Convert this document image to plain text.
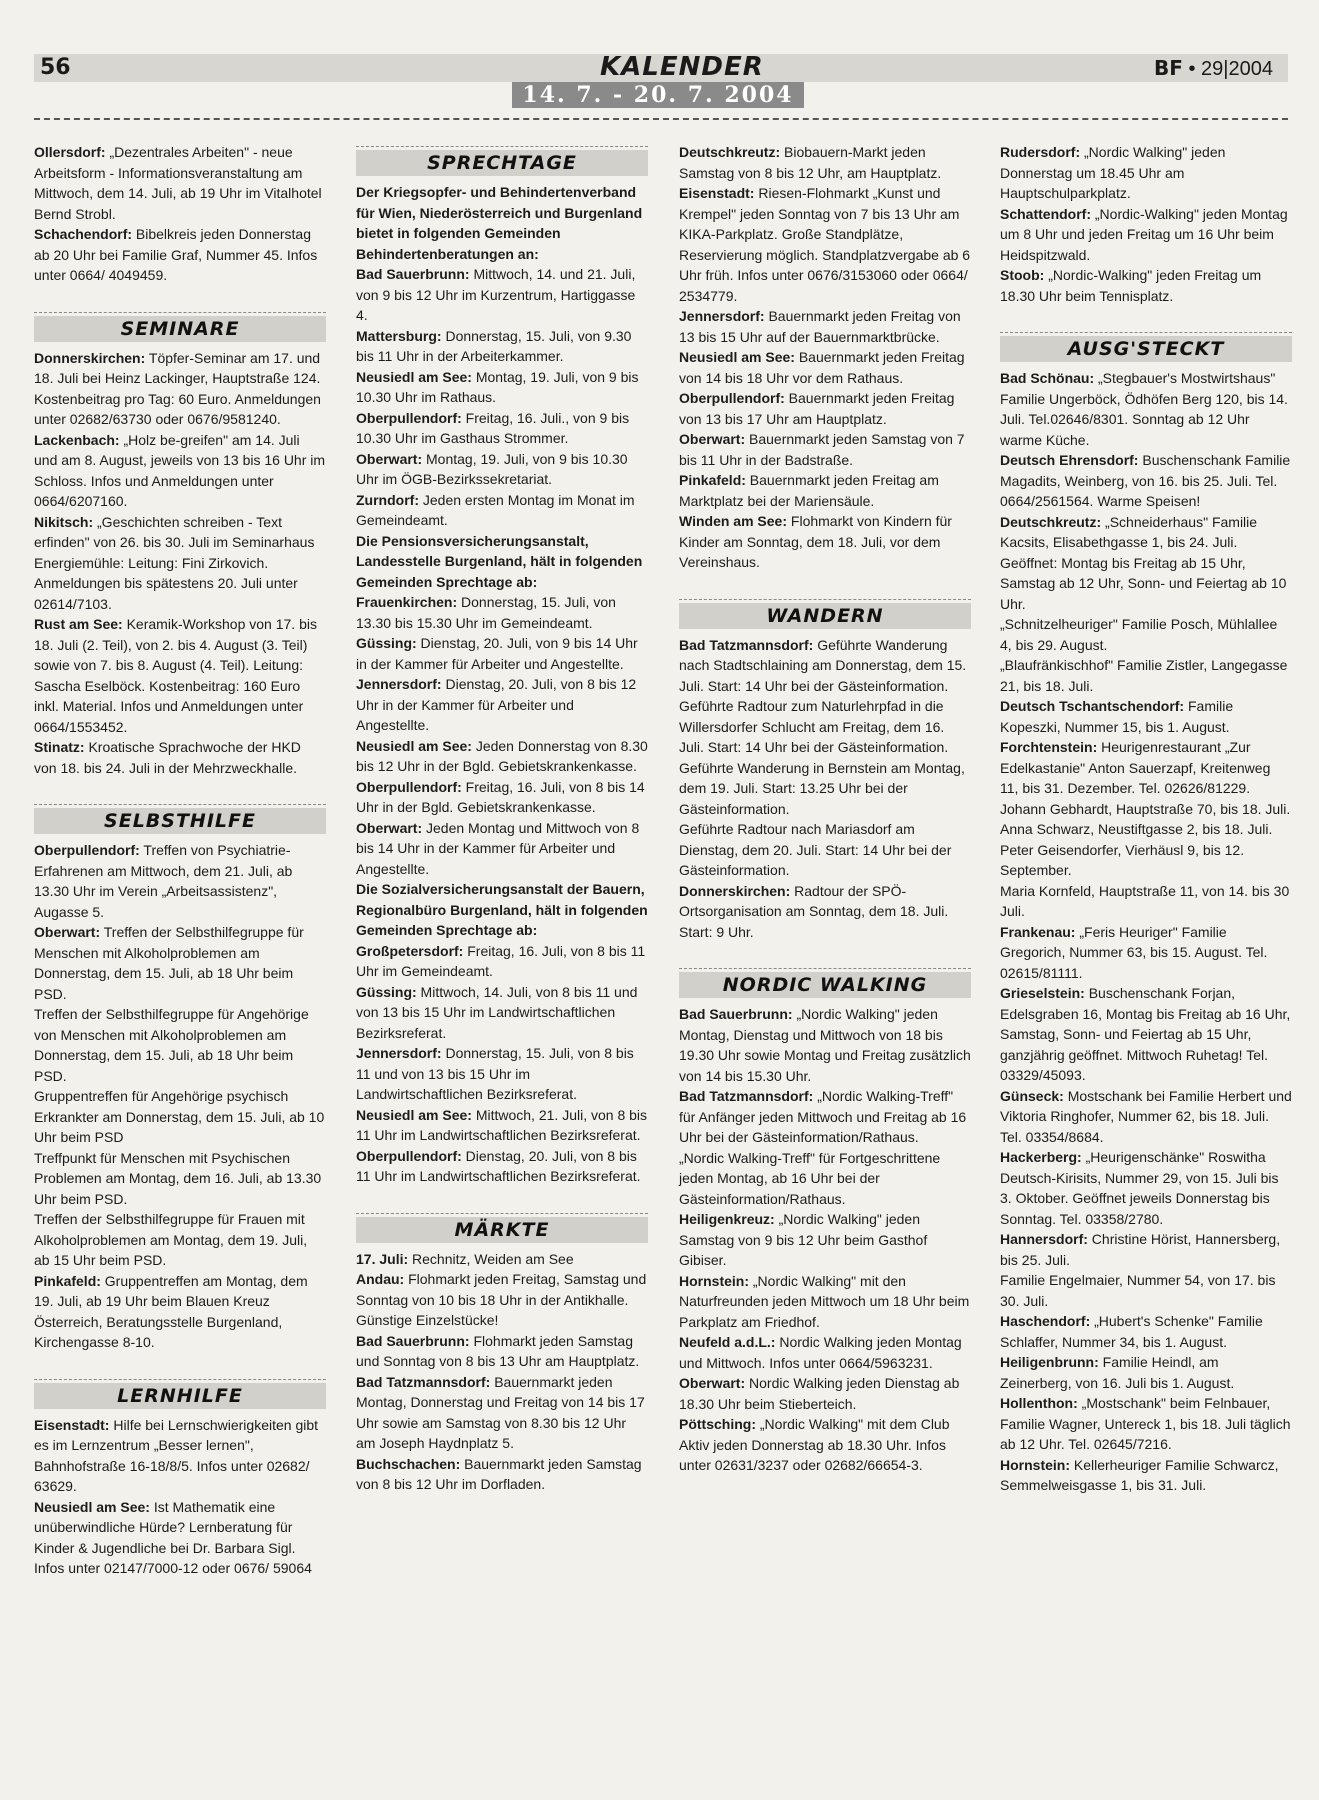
56	KALENDER	BF • 29|2004
14. 7. - 20. 7. 2004

Ollersdorf: „Dezentrales Arbeiten" - neue Arbeitsform - Informationsveranstaltung am Mittwoch, dem 14. Juli, ab 19 Uhr im Vitalhotel Bernd Strobl.

Schachendorf: Bibelkreis jeden Donnerstag ab 20 Uhr bei Familie Graf, Nummer 45. Infos unter 0664/ 4049459.

SEMINARE

Donnerskirchen: Töpfer-Seminar am 17. und 18. Juli bei Heinz Lackinger, Hauptstraße 124. Kostenbeitrag pro Tag: 60 Euro. Anmeldungen unter 02682/63730 oder 0676/9581240.

Lackenbach: „Holz be-greifen" am 14. Juli und am 8. August, jeweils von 13 bis 16 Uhr im Schloss. Infos und Anmeldungen unter 0664/6207160.

Nikitsch: „Geschichten schreiben - Text erfinden" von 26. bis 30. Juli im Seminarhaus Energiemühle: Leitung: Fini Zirkovich. Anmeldungen bis spätestens 20. Juli unter 02614/7103.

Rust am See: Keramik-Workshop von 17. bis 18. Juli (2. Teil), von 2. bis 4. August (3. Teil) sowie von 7. bis 8. August (4. Teil). Leitung: Sascha Eselböck. Kostenbeitrag: 160 Euro inkl. Material. Infos und Anmeldungen unter 0664/1553452.

Stinatz: Kroatische Sprachwoche der HKD von 18. bis 24. Juli in der Mehrzweckhalle.

SELBSTHILFE

Oberpullendorf: Treffen von Psychiatrie-Erfahrenen am Mittwoch, dem 21. Juli, ab 13.30 Uhr im Verein „Arbeitsassistenz", Augasse 5.

Oberwart: Treffen der Selbsthilfegruppe für Menschen mit Alkoholproblemen am Donnerstag, dem 15. Juli, ab 18 Uhr beim PSD.

Treffen der Selbsthilfegruppe für Angehörige von Menschen mit Alkoholproblemen am Donnerstag, dem 15. Juli, ab 18 Uhr beim PSD.

Gruppentreffen für Angehörige psychisch Erkrankter am Donnerstag, dem 15. Juli, ab 10 Uhr beim PSD

Treffpunkt für Menschen mit Psychischen Problemen am Montag, dem 16. Juli, ab 13.30 Uhr beim PSD.

Treffen der Selbsthilfegruppe für Frauen mit Alkoholproblemen am Montag, dem 19. Juli, ab 15 Uhr beim PSD.

Pinkafeld: Gruppentreffen am Montag, dem 19. Juli, ab 19 Uhr beim Blauen Kreuz Österreich, Beratungsstelle Burgenland, Kirchengasse 8-10.

LERNHILFE

Eisenstadt: Hilfe bei Lernschwierigkeiten gibt es im Lernzentrum „Besser lernen", Bahnhofstraße 16-18/8/5. Infos unter 02682/ 63629.

Neusiedl am See: Ist Mathematik eine unüberwindliche Hürde? Lernberatung für Kinder & Jugendliche bei Dr. Barbara Sigl. Infos unter 02147/7000-12 oder 0676/ 59064

SPRECHTAGE

Der Kriegsopfer- und Behindertenverband für Wien, Niederösterreich und Burgenland bietet in folgenden Gemeinden Behindertenberatungen an:

Bad Sauerbrunn: Mittwoch, 14. und 21. Juli, von 9 bis 12 Uhr im Kurzentrum, Hartiggasse 4.

Mattersburg: Donnerstag, 15. Juli, von 9.30 bis 11 Uhr in der Arbeiterkammer.

Neusiedl am See: Montag, 19. Juli, von 9 bis 10.30 Uhr im Rathaus.

Oberpullendorf: Freitag, 16. Juli., von 9 bis 10.30 Uhr im Gasthaus Strommer.

Oberwart: Montag, 19. Juli, von 9 bis 10.30 Uhr im ÖGB-Bezirkssekretariat.

Zurndorf: Jeden ersten Montag im Monat im Gemeindeamt.

Die Pensionsversicherungsanstalt, Landesstelle Burgenland, hält in folgenden Gemeinden Sprechtage ab:

Frauenkirchen: Donnerstag, 15. Juli, von 13.30 bis 15.30 Uhr im Gemeindeamt.

Güssing: Dienstag, 20. Juli, von 9 bis 14 Uhr in der Kammer für Arbeiter und Angestellte.

Jennersdorf: Dienstag, 20. Juli, von 8 bis 12 Uhr in der Kammer für Arbeiter und Angestellte.

Neusiedl am See: Jeden Donnerstag von 8.30 bis 12 Uhr in der Bgld. Gebietskrankenkasse.

Oberpullendorf: Freitag, 16. Juli, von 8 bis 14 Uhr in der Bgld. Gebietskrankenkasse.

Oberwart: Jeden Montag und Mittwoch von 8 bis 14 Uhr in der Kammer für Arbeiter und Angestellte.

Die Sozialversicherungsanstalt der Bauern, Regionalbüro Burgenland, hält in folgenden Gemeinden Sprechtage ab:

Großpetersdorf: Freitag, 16. Juli, von 8 bis 11 Uhr im Gemeindeamt.

Güssing: Mittwoch, 14. Juli, von 8 bis 11 und von 13 bis 15 Uhr im Landwirtschaftlichen Bezirksreferat.

Jennersdorf: Donnerstag, 15. Juli, von 8 bis 11 und von 13 bis 15 Uhr im Landwirtschaftlichen Bezirksreferat.

Neusiedl am See: Mittwoch, 21. Juli, von 8 bis 11 Uhr im Landwirtschaftlichen Bezirksreferat.

Oberpullendorf: Dienstag, 20. Juli, von 8 bis 11 Uhr im Landwirtschaftlichen Bezirksreferat.

MÄRKTE

17. Juli: Rechnitz, Weiden am See

Andau: Flohmarkt jeden Freitag, Samstag und Sonntag von 10 bis 18 Uhr in der Antikhalle. Günstige Einzelstücke!

Bad Sauerbrunn: Flohmarkt jeden Samstag und Sonntag von 8 bis 13 Uhr am Hauptplatz.

Bad Tatzmannsdorf: Bauernmarkt jeden Montag, Donnerstag und Freitag von 14 bis 17 Uhr sowie am Samstag von 8.30 bis 12 Uhr am Joseph Haydnplatz 5.

Buchschachen: Bauernmarkt jeden Samstag von 8 bis 12 Uhr im Dorfladen.

Deutschkreutz: Biobauern-Markt jeden Samstag von 8 bis 12 Uhr, am Hauptplatz.

Eisenstadt: Riesen-Flohmarkt „Kunst und Krempel" jeden Sonntag von 7 bis 13 Uhr am KIKA-Parkplatz. Große Standplätze, Reservierung möglich. Standplatzvergabe ab 6 Uhr früh. Infos unter 0676/3153060 oder 0664/ 2534779.

Jennersdorf: Bauernmarkt jeden Freitag von 13 bis 15 Uhr auf der Bauernmarktbrücke.

Neusiedl am See: Bauernmarkt jeden Freitag von 14 bis 18 Uhr vor dem Rathaus.

Oberpullendorf: Bauernmarkt jeden Freitag von 13 bis 17 Uhr am Hauptplatz.

Oberwart: Bauernmarkt jeden Samstag von 7 bis 11 Uhr in der Badstraße.

Pinkafeld: Bauernmarkt jeden Freitag am Marktplatz bei der Mariensäule.

Winden am See: Flohmarkt von Kindern für Kinder am Sonntag, dem 18. Juli, vor dem Vereinshaus.

WANDERN

Bad Tatzmannsdorf: Geführte Wanderung nach Stadtschlaining am Donnerstag, dem 15. Juli. Start: 14 Uhr bei der Gästeinformation.

Geführte Radtour zum Naturlehrpfad in die Willersdorfer Schlucht am Freitag, dem 16. Juli. Start: 14 Uhr bei der Gästeinformation.

Geführte Wanderung in Bernstein am Montag, dem 19. Juli. Start: 13.25 Uhr bei der Gästeinformation.

Geführte Radtour nach Mariasdorf am Dienstag, dem 20. Juli. Start: 14 Uhr bei der Gästeinformation.

Donnerskirchen: Radtour der SPÖ-Ortsorganisation am Sonntag, dem 18. Juli. Start: 9 Uhr.

NORDIC WALKING

Bad Sauerbrunn: „Nordic Walking" jeden Montag, Dienstag und Mittwoch von 18 bis 19.30 Uhr sowie Montag und Freitag zusätzlich von 14 bis 15.30 Uhr.

Bad Tatzmannsdorf: „Nordic Walking-Treff" für Anfänger jeden Mittwoch und Freitag ab 16 Uhr bei der Gästeinformation/Rathaus.

„Nordic Walking-Treff" für Fortgeschrittene jeden Montag, ab 16 Uhr bei der Gästeinformation/Rathaus.

Heiligenkreuz: „Nordic Walking" jeden Samstag von 9 bis 12 Uhr beim Gasthof Gibiser.

Hornstein: „Nordic Walking" mit den Naturfreunden jeden Mittwoch um 18 Uhr beim Parkplatz am Friedhof.

Neufeld a.d.L.: Nordic Walking jeden Montag und Mittwoch. Infos unter 0664/5963231.

Oberwart: Nordic Walking jeden Dienstag ab 18.30 Uhr beim Stieberteich.

Pöttsching: „Nordic Walking" mit dem Club Aktiv jeden Donnerstag ab 18.30 Uhr. Infos unter 02631/3237 oder 02682/66654-3.

Rudersdorf: „Nordic Walking" jeden Donnerstag um 18.45 Uhr am Hauptschulparkplatz.

Schattendorf: „Nordic-Walking" jeden Montag um 8 Uhr und jeden Freitag um 16 Uhr beim Heidspitzwald.

Stoob: „Nordic-Walking" jeden Freitag um 18.30 Uhr beim Tennisplatz.

AUSG'STECKT

Bad Schönau: „Stegbauer's Mostwirtshaus" Familie Ungerböck, Ödhöfen Berg 120, bis 14. Juli. Tel.02646/8301. Sonntag ab 12 Uhr warme Küche.

Deutsch Ehrensdorf: Buschenschank Familie Magadits, Weinberg, von 16. bis 25. Juli. Tel. 0664/2561564. Warme Speisen!

Deutschkreutz: „Schneiderhaus" Familie Kacsits, Elisabethgasse 1, bis 24. Juli. Geöffnet: Montag bis Freitag ab 15 Uhr, Samstag ab 12 Uhr, Sonn- und Feiertag ab 10 Uhr.

„Schnitzelheuriger" Familie Posch, Mühlallee 4, bis 29. August.

„Blaufränkischhof" Familie Zistler, Langegasse 21, bis 18. Juli.

Deutsch Tschantschendorf: Familie Kopeszki, Nummer 15, bis 1. August.

Forchtenstein: Heurigenrestaurant „Zur Edelkastanie" Anton Sauerzapf, Kreitenweg 11, bis 31. Dezember. Tel. 02626/81229.

Johann Gebhardt, Hauptstraße 70, bis 18. Juli.

Anna Schwarz, Neustiftgasse 2, bis 18. Juli.

Peter Geisendorfer, Vierhäusl 9, bis 12. September.

Maria Kornfeld, Hauptstraße 11, von 14. bis 30 Juli.

Frankenau: „Feris Heuriger" Familie Gregorich, Nummer 63, bis 15. August. Tel. 02615/81111.

Grieselstein: Buschenschank Forjan, Edelsgraben 16, Montag bis Freitag ab 16 Uhr, Samstag, Sonn- und Feiertag ab 15 Uhr, ganzjährig geöffnet. Mittwoch Ruhetag! Tel. 03329/45093.

Günseck: Mostschank bei Familie Herbert und Viktoria Ringhofer, Nummer 62, bis 18. Juli. Tel. 03354/8684.

Hackerberg: „Heurigenschänke" Roswitha Deutsch-Kirisits, Nummer 29, von 15. Juli bis 3. Oktober. Geöffnet jeweils Donnerstag bis Sonntag. Tel. 03358/2780.

Hannersdorf: Christine Hörist, Hannersberg, bis 25. Juli.

Familie Engelmaier, Nummer 54, von 17. bis 30. Juli.

Haschendorf: „Hubert's Schenke" Familie Schlaffer, Nummer 34, bis 1. August.

Heiligenbrunn: Familie Heindl, am Zeinerberg, von 16. Juli bis 1. August.

Hollenthon: „Mostschank" beim Felnbauer, Familie Wagner, Untereck 1, bis 18. Juli täglich ab 12 Uhr. Tel. 02645/7216.

Hornstein: Kellerheuriger Familie Schwarcz, Semmelweisgasse 1, bis 31. Juli.
